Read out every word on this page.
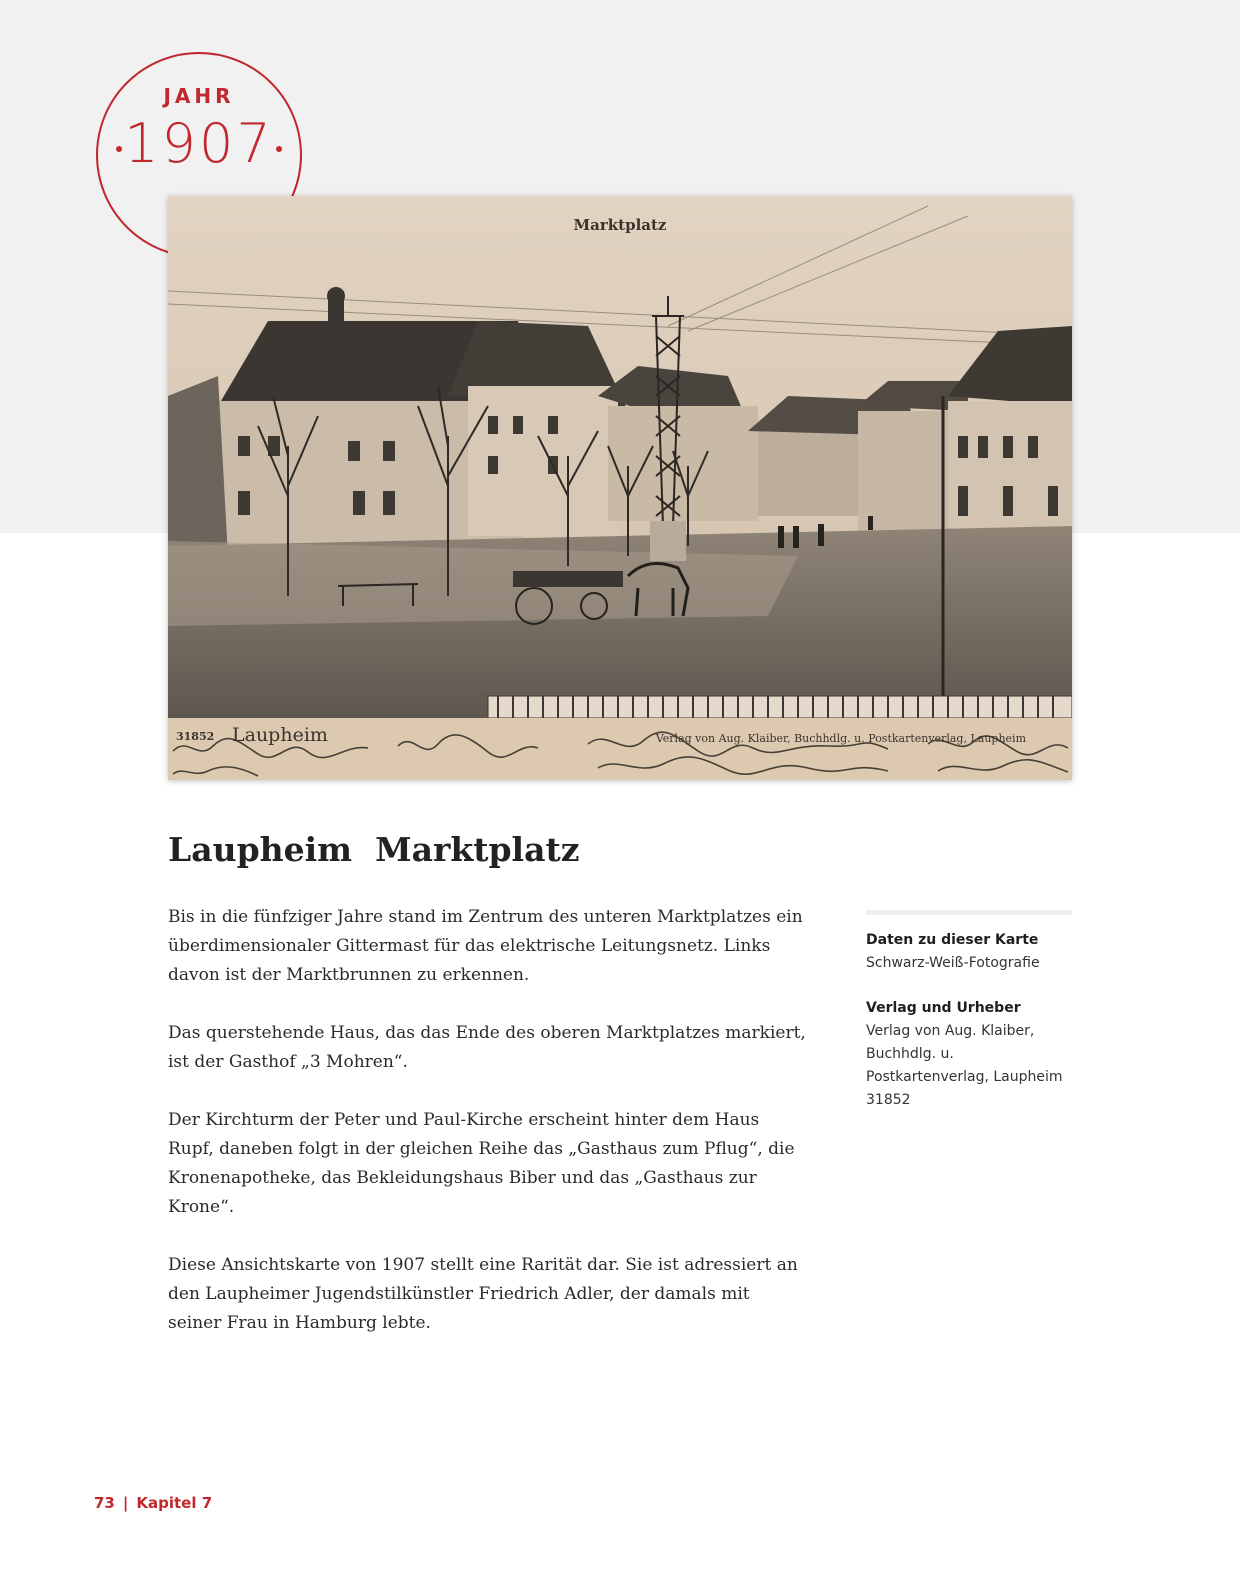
JAHR
1907
Marktplatz
31852 Laupheim	Verlag von Aug. Klaiber, Buchhdlg. u. Postkartenverlag, Laupheim
Laupheim  Marktplatz

Bis in die fünfziger Jahre stand im Zentrum des unteren Marktplatzes ein überdimensionaler Gittermast für das elektrische Leitungsnetz. Links davon ist der Marktbrunnen zu erkennen.

Das querstehende Haus, das das Ende des oberen Marktplatzes markiert, ist der Gasthof „3 Mohren“.

Der Kirchturm der Peter und Paul-Kirche erscheint hinter dem Haus Rupf, daneben folgt in der gleichen Reihe das „Gasthaus zum Pflug“, die Kronenapotheke, das Bekleidungshaus Biber und das „Gasthaus zur Krone“.

Diese Ansichtskarte von 1907 stellt eine Rarität dar. Sie ist adressiert an den Laupheimer Jugendstilkünstler Friedrich Adler, der damals mit seiner Frau in Hamburg lebte.

Daten zu dieser Karte
Schwarz-Weiß-Fotografie
Verlag und Urheber
Verlag von Aug. Klaiber, Buchhdlg. u. Postkartenverlag, Laupheim 31852
73 | Kapitel 7
